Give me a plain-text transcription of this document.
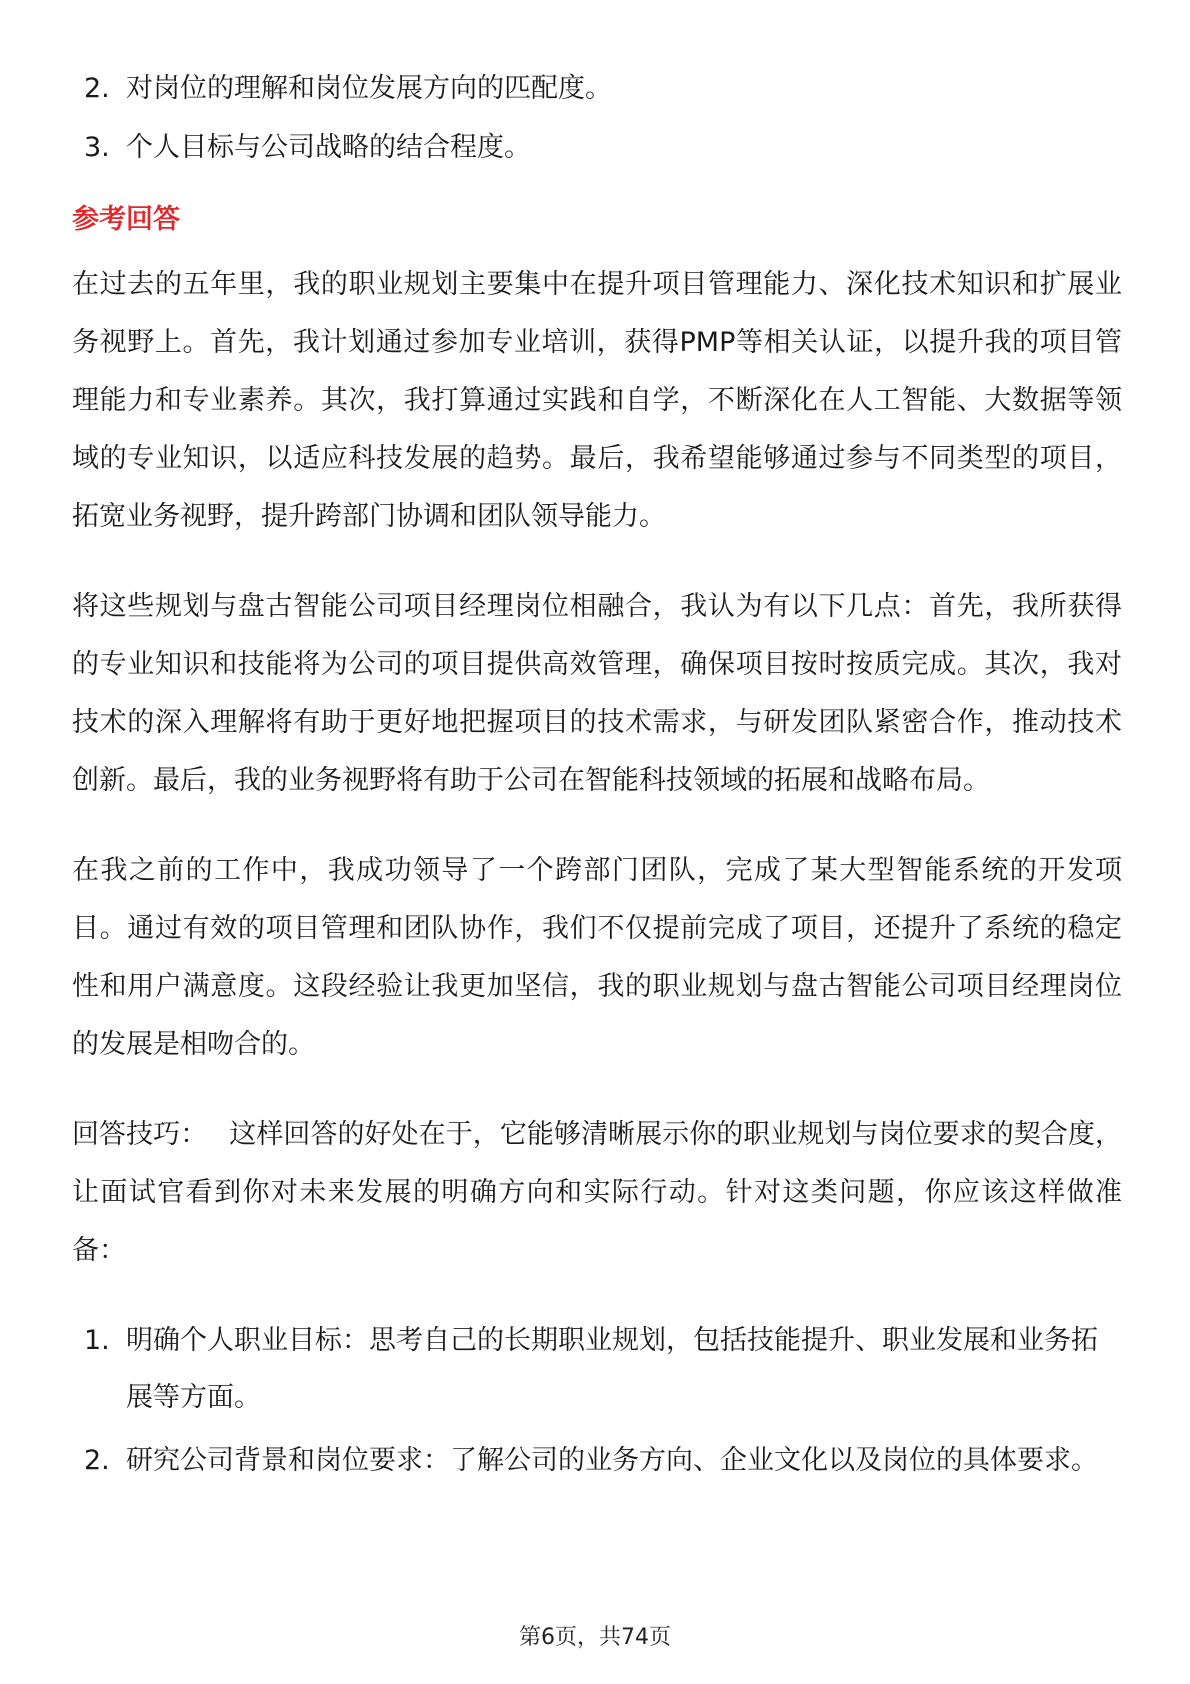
2. 对岗位的理解和岗位发展方向的匹配度。
3. 个人目标与公司战略的结合程度。
参考回答

在过去的五年里，我的职业规划主要集中在提升项目管理能力、深化技术知识和扩展业务视野上。首先，我计划通过参加专业培训，获得PMP等相关认证，以提升我的项目管理能力和专业素养。其次，我打算通过实践和自学，不断深化在人工智能、大数据等领域的专业知识，以适应科技发展的趋势。最后，我希望能够通过参与不同类型的项目，拓宽业务视野，提升跨部门协调和团队领导能力。

将这些规划与盘古智能公司项目经理岗位相融合，我认为有以下几点：首先，我所获得的专业知识和技能将为公司的项目提供高效管理，确保项目按时按质完成。其次，我对技术的深入理解将有助于更好地把握项目的技术需求，与研发团队紧密合作，推动技术创新。最后，我的业务视野将有助于公司在智能科技领域的拓展和战略布局。

在我之前的工作中，我成功领导了一个跨部门团队，完成了某大型智能系统的开发项目。通过有效的项目管理和团队协作，我们不仅提前完成了项目，还提升了系统的稳定性和用户满意度。这段经验让我更加坚信，我的职业规划与盘古智能公司项目经理岗位的发展是相吻合的。

回答技巧： 这样回答的好处在于，它能够清晰展示你的职业规划与岗位要求的契合度，让面试官看到你对未来发展的明确方向和实际行动。针对这类问题，你应该这样做准备：

1. 明确个人职业目标：思考自己的长期职业规划，包括技能提升、职业发展和业务拓展等方面。
2. 研究公司背景和岗位要求：了解公司的业务方向、企业文化以及岗位的具体要求。
第6页，共74页
